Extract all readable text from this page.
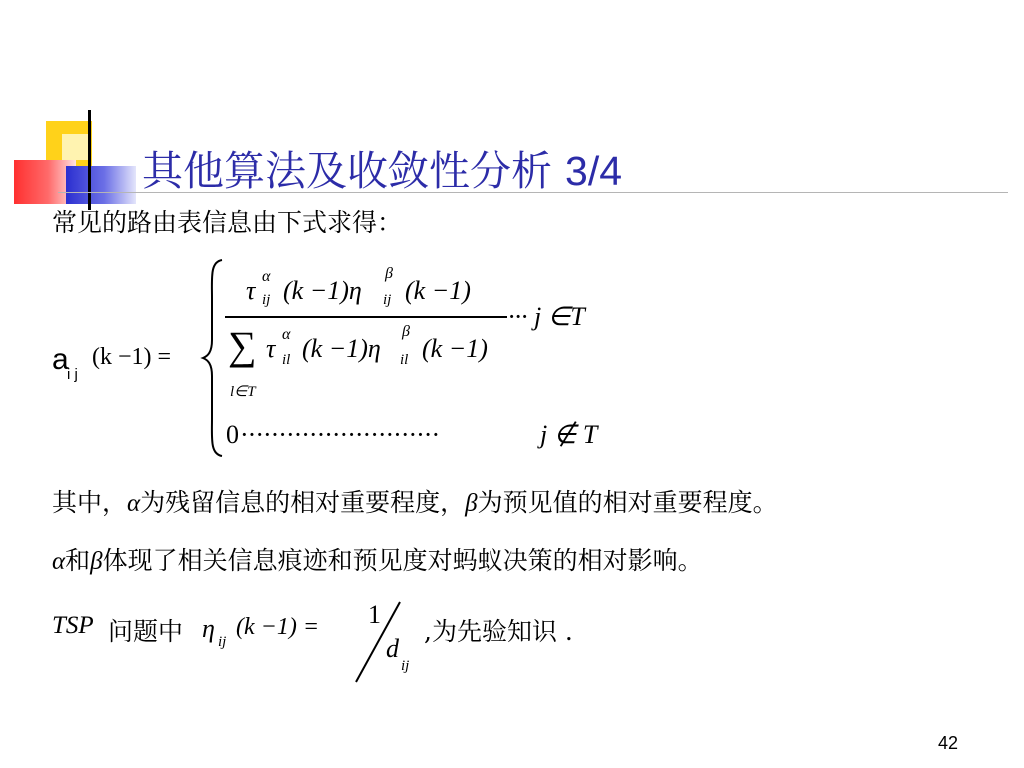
其他算法及收敛性分析 3/4
常见的路由表信息由下式求得：
a
i j
(k −1) =
τ α
ij (k −1)η
β
ij (k −1)
··· j ∈T
∑
l∈T
τ α
il (k −1)η
β
il (k −1)
0 ··························	j ∉ T
其中，α为残留信息的相对重要程度，β为预见值的相对重要程度。
α和β体现了相关信息痕迹和预见度对蚂蚁决策的相对影响。
TSP 问题中 η ij
(k −1) = 1
d
ij
,为先验知识 .
42
